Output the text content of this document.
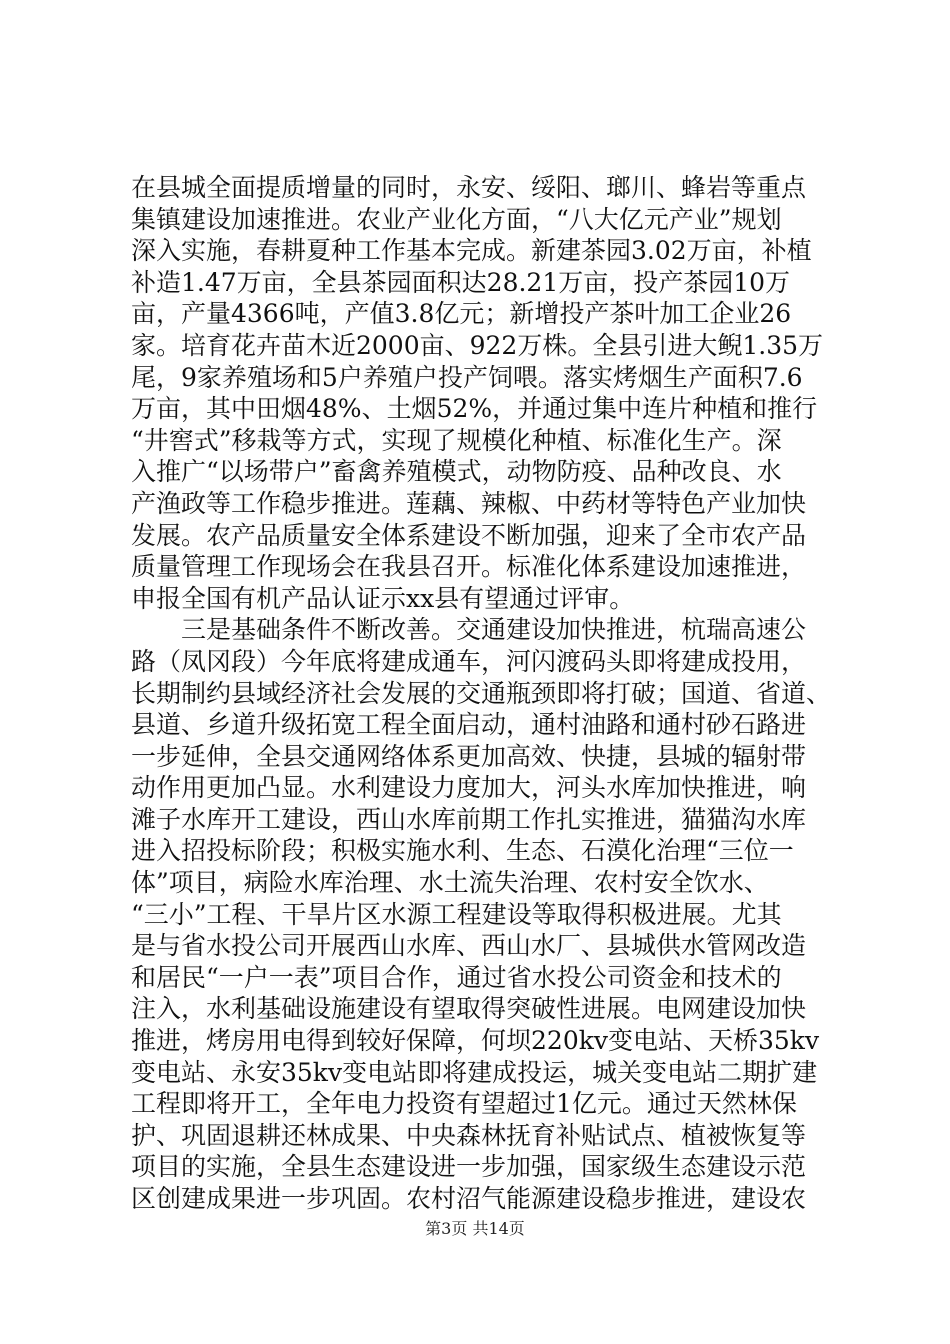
在县城全面提质增量的同时，永安、绥阳、瑯川、蜂岩等重点
集镇建设加速推进。农业产业化方面，“八大亿元产业”规划
深入实施，春耕夏种工作基本完成。新建茶园3.02万亩，补植
补造1.47万亩，全县茶园面积达28.21万亩，投产茶园10万
亩，产量4366吨，产值3.8亿元；新增投产茶叶加工企业26
家。培育花卉苗木近2000亩、922万株。全县引进大鲵1.35万
尾，9家养殖场和5户养殖户投产饲喂。落实烤烟生产面积7.6
万亩，其中田烟48%、土烟52%，并通过集中连片种植和推行
“井窖式”移栽等方式，实现了规模化种植、标准化生产。深
入推广“以场带户”畜禽养殖模式，动物防疫、品种改良、水
产渔政等工作稳步推进。莲藕、辣椒、中药材等特色产业加快
发展。农产品质量安全体系建设不断加强，迎来了全市农产品
质量管理工作现场会在我县召开。标准化体系建设加速推进，
申报全国有机产品认证示xx县有望通过评审。
三是基础条件不断改善。交通建设加快推进，杭瑞高速公
路（凤冈段）今年底将建成通车，河闪渡码头即将建成投用，
长期制约县域经济社会发展的交通瓶颈即将打破；国道、省道、
县道、乡道升级拓宽工程全面启动，通村油路和通村砂石路进
一步延伸，全县交通网络体系更加高效、快捷，县城的辐射带
动作用更加凸显。水利建设力度加大，河头水库加快推进，响
滩子水库开工建设，西山水库前期工作扎实推进，猫猫沟水库
进入招投标阶段；积极实施水利、生态、石漠化治理“三位一
体”项目，病险水库治理、水土流失治理、农村安全饮水、
“三小”工程、干旱片区水源工程建设等取得积极进展。尤其
是与省水投公司开展西山水库、西山水厂、县城供水管网改造
和居民“一户一表”项目合作，通过省水投公司资金和技术的
注入，水利基础设施建设有望取得突破性进展。电网建设加快
推进，烤房用电得到较好保障，何坝220kv变电站、天桥35kv
变电站、永安35kv变电站即将建成投运，城关变电站二期扩建
工程即将开工，全年电力投资有望超过1亿元。通过天然林保
护、巩固退耕还林成果、中央森林抚育补贴试点、植被恢复等
项目的实施，全县生态建设进一步加强，国家级生态建设示范
区创建成果进一步巩固。农村沼气能源建设稳步推进，建设农
第3页 共14页
